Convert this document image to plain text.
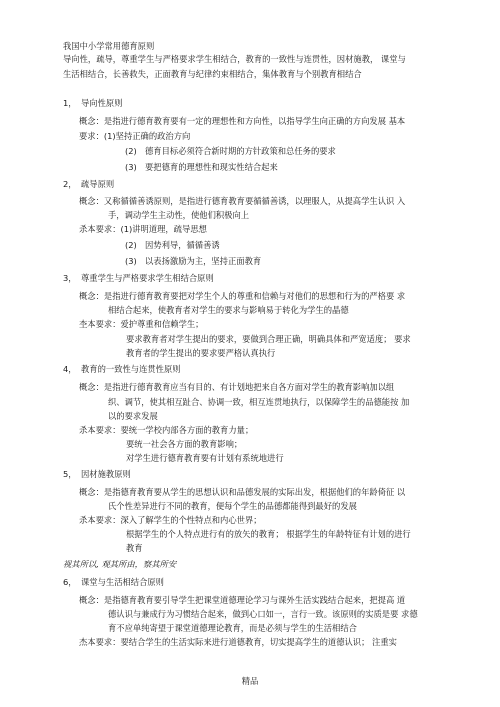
我国中小学常用德育原则
导向性，疏导，尊重学生与严格要求学生相结合，教育的一致性与连贯性，因材施教， 课堂与
生活相结合，长善救失，正面教育与纪律约束相结合，集体教育与个别教育相结合
1， 导向性原则
概念：是指进行德育教育要有一定的理想性和方向性，以指导学生向正确的方向发展 基本
要求：(1)坚持正确的政治方向
(2) 德育目标必须符合新时期的方针政策和总任务的要求
(3) 要把德育的理想性和现实性结合起来
2， 疏导原则
概念：又称循循善诱原则，是指进行德育教育要循循善诱，以理服人，从提高学生认识 入
手，调动学生主动性，使他们积极向上
杀本要求：(1)讲明道理，疏导思想
(2) 因势利导，循循善诱
(3) 以表扬激励为主，坚持正面教育
3， 尊重学生与严格要求学生相结合原则
概念：是指进行德育教育要把对学生个人的尊重和信赖与对他们的思想和行为的严格要 求
相结合起来，使教育者对学生的要求与影响易于转化为学生的晶德
杢本要求：爱护尊重和信赖学生；
要求教育者对学生提出的要求，要做到合理正确，明确具体和严宽适度； 要求
教育者的学生提出的要求要严格认真执行
4， 教育的一致性与连贯性原则
概念：是指进行德育教育应当有目的、有计划地把来自各方面对学生的教育影响加以组
织、调节，使其相互趾合、协调一致，相互连贯地执行，以保障学生的品德能按 加
以的要求发展
杀本要求：要统一学校内部各方面的教育力量；
要统一社会各方面的教育影响；
对学生进行德育教育要有计划有系统地进行
5， 因材施教原则
概念：是指德育教育要从学生的思想认识和品德发展的实际出发，根据他们的年龄倚征 以
氏个性差异进行不同的教育，便每个学生的品德都能得到最好的发展
杀本要求：深入了解学生的个性特点和内心世界；
根据学生的个人特点进行有的放矢的教育； 根据学生的年龄特征有计划的进行
教育
视其所以, 观其所由，察其所安
6， 课堂与生活相结合原则
概念：是指德育教育要引导学生把课堂道德理论学习与课外生活实践结合起来，把提高 道
德认识与兼成行为习惯结合起来，做到心口如一，言行一致。该原则的实质是要 求德
育不应单纯寄望于课堂道德理论教育，而是必须与学生的生活相结合
杰本要求：要结合学生的生活实际来进行道德教育，切实提高学生的道德认识； 注重实
精品
